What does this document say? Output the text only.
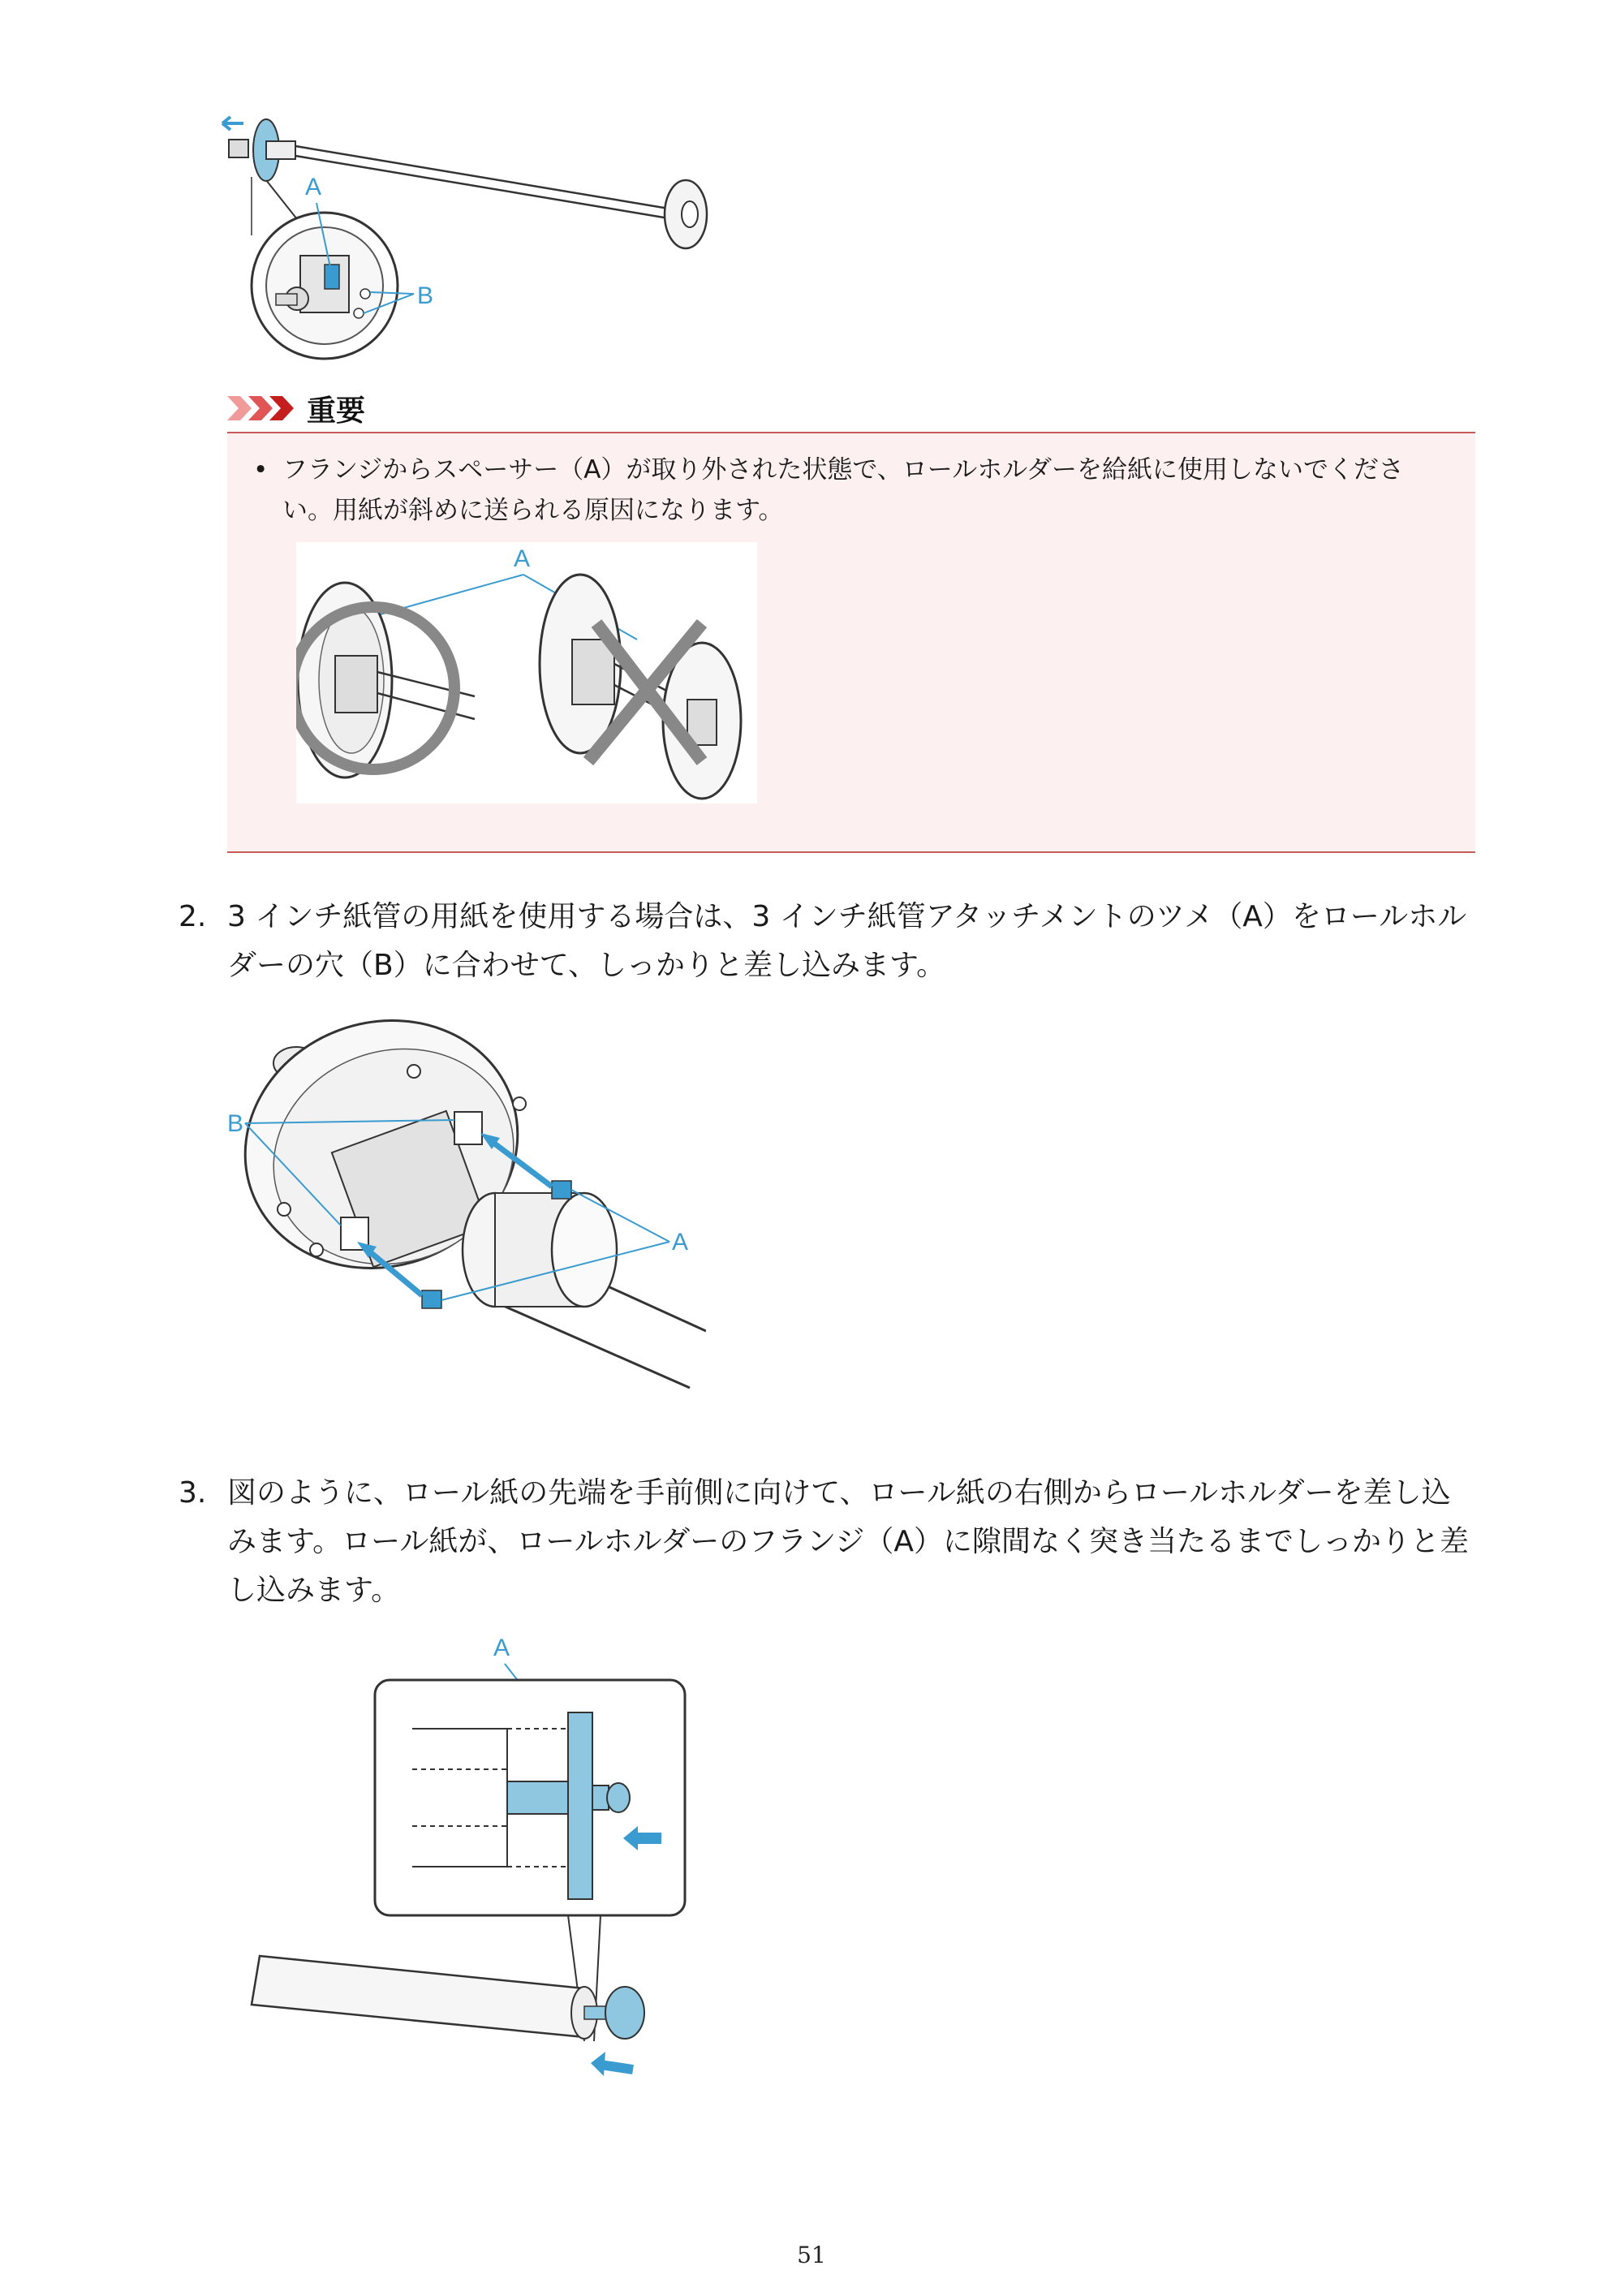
A
B
重要
• フランジからスペーサー（A）が取り外された状態で、ロールホルダーを給紙に使用しないでください。用紙が斜めに送られる原因になります。
A
2. 3 インチ紙管の用紙を使用する場合は、3 インチ紙管アタッチメントのツメ（A）をロールホルダーの穴（B）に合わせて、しっかりと差し込みます。
B
A
3. 図のように、ロール紙の先端を手前側に向けて、ロール紙の右側からロールホルダーを差し込みます。ロール紙が、ロールホルダーのフランジ（A）に隙間なく突き当たるまでしっかりと差し込みます。
A
51
